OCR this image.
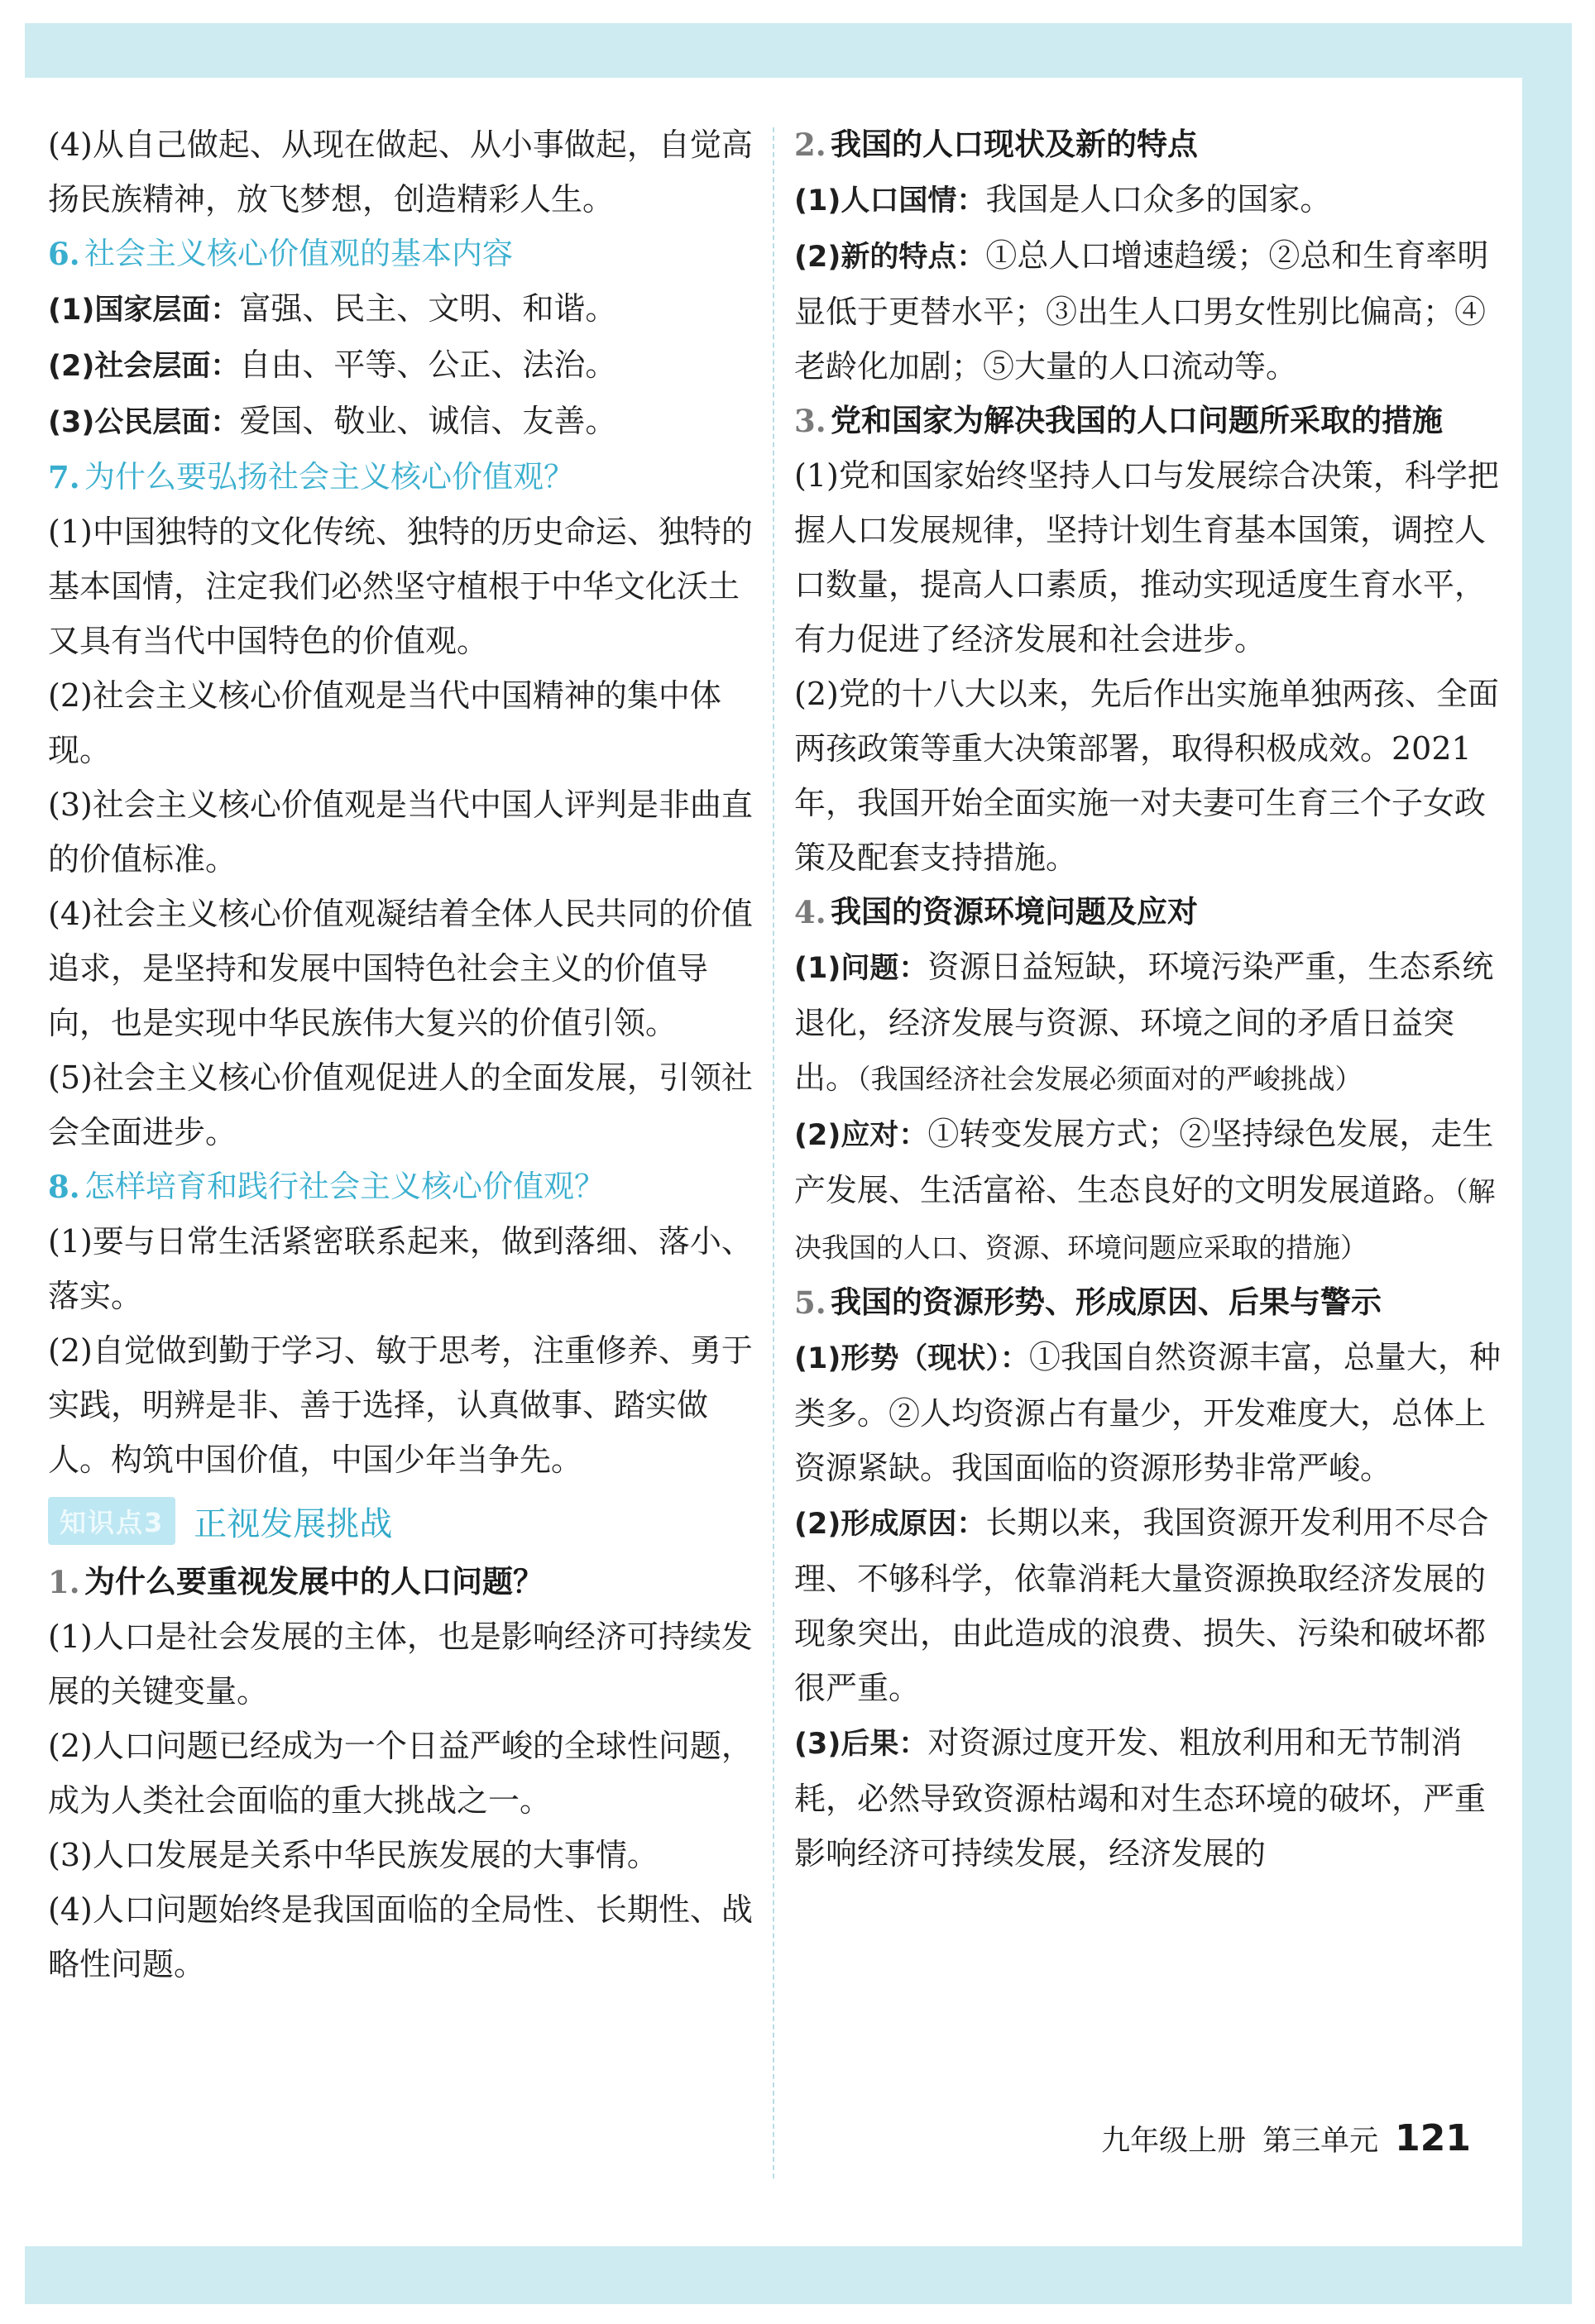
(4)从自己做起、从现在做起、从小事做起，自觉高扬民族精神，放飞梦想，创造精彩人生。

6. 社会主义核心价值观的基本内容

(1)国家层面：富强、民主、文明、和谐。

(2)社会层面：自由、平等、公正、法治。

(3)公民层面：爱国、敬业、诚信、友善。

7. 为什么要弘扬社会主义核心价值观？

(1)中国独特的文化传统、独特的历史命运、独特的基本国情，注定我们必然坚守植根于中华文化沃土又具有当代中国特色的价值观。

(2)社会主义核心价值观是当代中国精神的集中体现。

(3)社会主义核心价值观是当代中国人评判是非曲直的价值标准。

(4)社会主义核心价值观凝结着全体人民共同的价值追求，是坚持和发展中国特色社会主义的价值导向，也是实现中华民族伟大复兴的价值引领。

(5)社会主义核心价值观促进人的全面发展，引领社会全面进步。

8. 怎样培育和践行社会主义核心价值观？

(1)要与日常生活紧密联系起来，做到落细、落小、落实。

(2)自觉做到勤于学习、敏于思考，注重修养、勇于实践，明辨是非、善于选择，认真做事、踏实做人。构筑中国价值，中国少年当争先。

知识点3 正视发展挑战
1. 为什么要重视发展中的人口问题？

(1)人口是社会发展的主体，也是影响经济可持续发展的关键变量。

(2)人口问题已经成为一个日益严峻的全球性问题，成为人类社会面临的重大挑战之一。

(3)人口发展是关系中华民族发展的大事情。

(4)人口问题始终是我国面临的全局性、长期性、战略性问题。

2. 我国的人口现状及新的特点

(1)人口国情：我国是人口众多的国家。

(2)新的特点：①总人口增速趋缓；②总和生育率明显低于更替水平；③出生人口男女性别比偏高；④老龄化加剧；⑤大量的人口流动等。

3. 党和国家为解决我国的人口问题所采取的措施

(1)党和国家始终坚持人口与发展综合决策，科学把握人口发展规律，坚持计划生育基本国策，调控人口数量，提高人口素质，推动实现适度生育水平，有力促进了经济发展和社会进步。

(2)党的十八大以来，先后作出实施单独两孩、全面两孩政策等重大决策部署，取得积极成效。2021年，我国开始全面实施一对夫妻可生育三个子女政策及配套支持措施。

4. 我国的资源环境问题及应对

(1)问题：资源日益短缺，环境污染严重，生态系统退化，经济发展与资源、环境之间的矛盾日益突出。（我国经济社会发展必须面对的严峻挑战）

(2)应对：①转变发展方式；②坚持绿色发展，走生产发展、生活富裕、生态良好的文明发展道路。（解决我国的人口、资源、环境问题应采取的措施）

5. 我国的资源形势、形成原因、后果与警示

(1)形势（现状）：①我国自然资源丰富，总量大，种类多。②人均资源占有量少，开发难度大，总体上资源紧缺。我国面临的资源形势非常严峻。

(2)形成原因：长期以来，我国资源开发利用不尽合理、不够科学，依靠消耗大量资源换取经济发展的现象突出，由此造成的浪费、损失、污染和破坏都很严重。

(3)后果：对资源过度开发、粗放利用和无节制消耗，必然导致资源枯竭和对生态环境的破坏，严重影响经济可持续发展，经济发展的

九年级上册 第三单元 121
